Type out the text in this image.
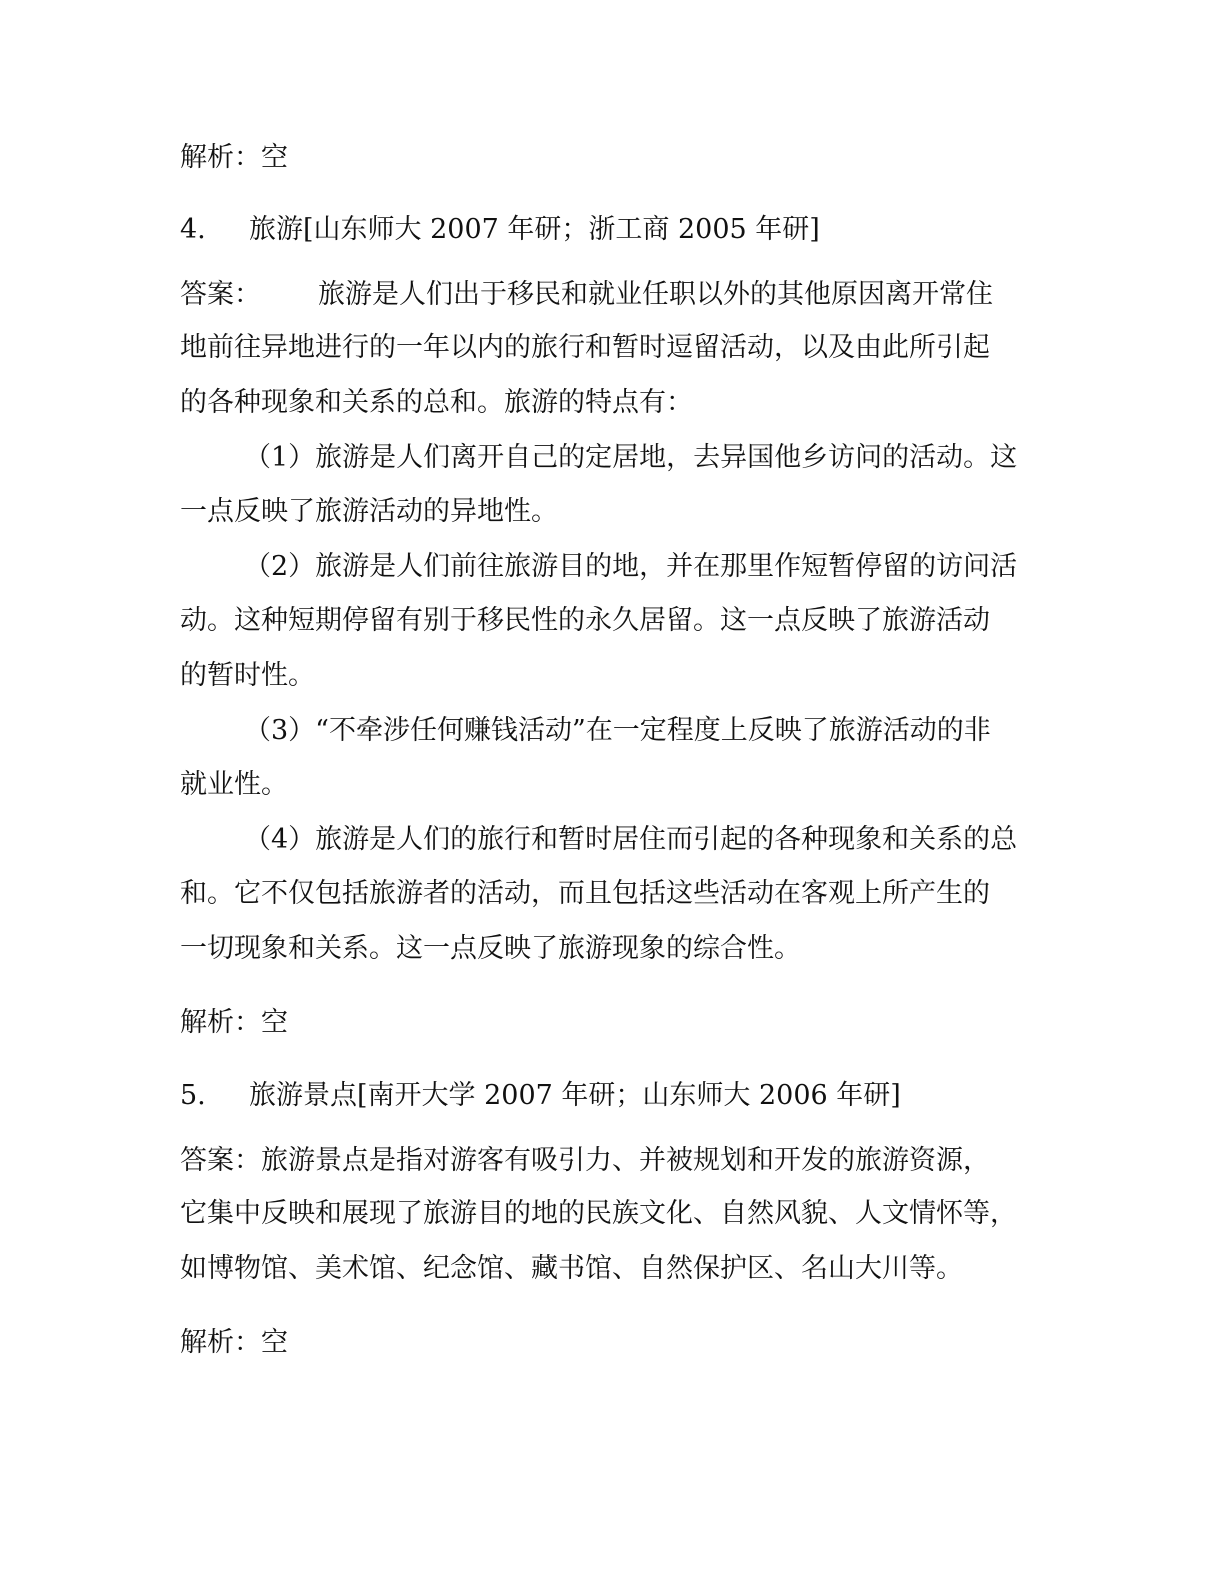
解析：空

4. 旅游[山东师大 2007 年研；浙工商 2005 年研]

答案： 旅游是人们出于移民和就业任职以外的其他原因离开常住

地前往异地进行的一年以内的旅行和暂时逗留活动，以及由此所引起

的各种现象和关系的总和。旅游的特点有：

（1）旅游是人们离开自己的定居地，去异国他乡访问的活动。这

一点反映了旅游活动的异地性。

（2）旅游是人们前往旅游目的地，并在那里作短暂停留的访问活

动。这种短期停留有别于移民性的永久居留。这一点反映了旅游活动

的暂时性。

（3）“不牵涉任何赚钱活动”在一定程度上反映了旅游活动的非

就业性。

（4）旅游是人们的旅行和暂时居住而引起的各种现象和关系的总

和。它不仅包括旅游者的活动，而且包括这些活动在客观上所产生的

一切现象和关系。这一点反映了旅游现象的综合性。

解析：空

5. 旅游景点[南开大学 2007 年研；山东师大 2006 年研]

答案：旅游景点是指对游客有吸引力、并被规划和开发的旅游资源，

它集中反映和展现了旅游目的地的民族文化、自然风貌、人文情怀等，

如博物馆、美术馆、纪念馆、藏书馆、自然保护区、名山大川等。

解析：空
